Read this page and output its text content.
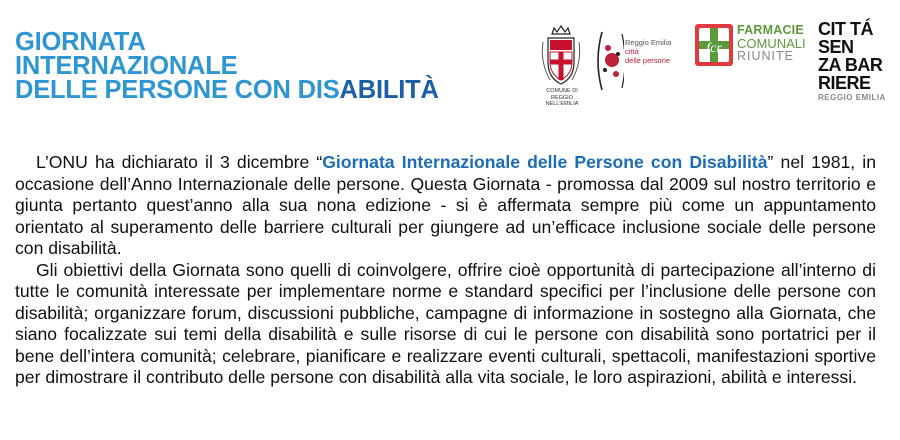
GIORNATA
INTERNAZIONALE
DELLE PERSONE CON DISABILITÀ	COMUNE DI
REGGIO NELL'EMILIA
Reggio Emilia
città
delle persone
fcr
FARMACIE
COMUNALI
RIUNITE
CIT TÁ
SEN
ZA BAR
RIERE
REGGIO EMILIA

L’ONU ha dichiarato il 3 dicembre “Giornata Internazionale delle Persone con Disabilità” nel 1981, in occasione dell’Anno Internazionale delle persone. Questa Giornata - promossa dal 2009 sul nostro territorio e giunta pertanto quest’anno alla sua nona edizione - si è affermata sempre più come un appuntamento orientato al superamento delle barriere culturali per giungere ad un’efficace inclusione sociale delle persone con disabilità.

Gli obiettivi della Giornata sono quelli di coinvolgere, offrire cioè opportunità di partecipazione all’interno di tutte le comunità interessate per implementare norme e standard specifici per l’inclusione delle persone con disabilità; organizzare forum, discussioni pubbliche, campagne di informazione in sostegno alla Giornata, che siano focalizzate sui temi della disabilità e sulle risorse di cui le persone con disabilità sono portatrici per il bene dell’intera comunità; celebrare, pianificare e realizzare eventi culturali, spettacoli, manifestazioni sportive per dimostrare il contributo delle persone con disabilità alla vita sociale, le loro aspirazioni, abilità e interessi.
